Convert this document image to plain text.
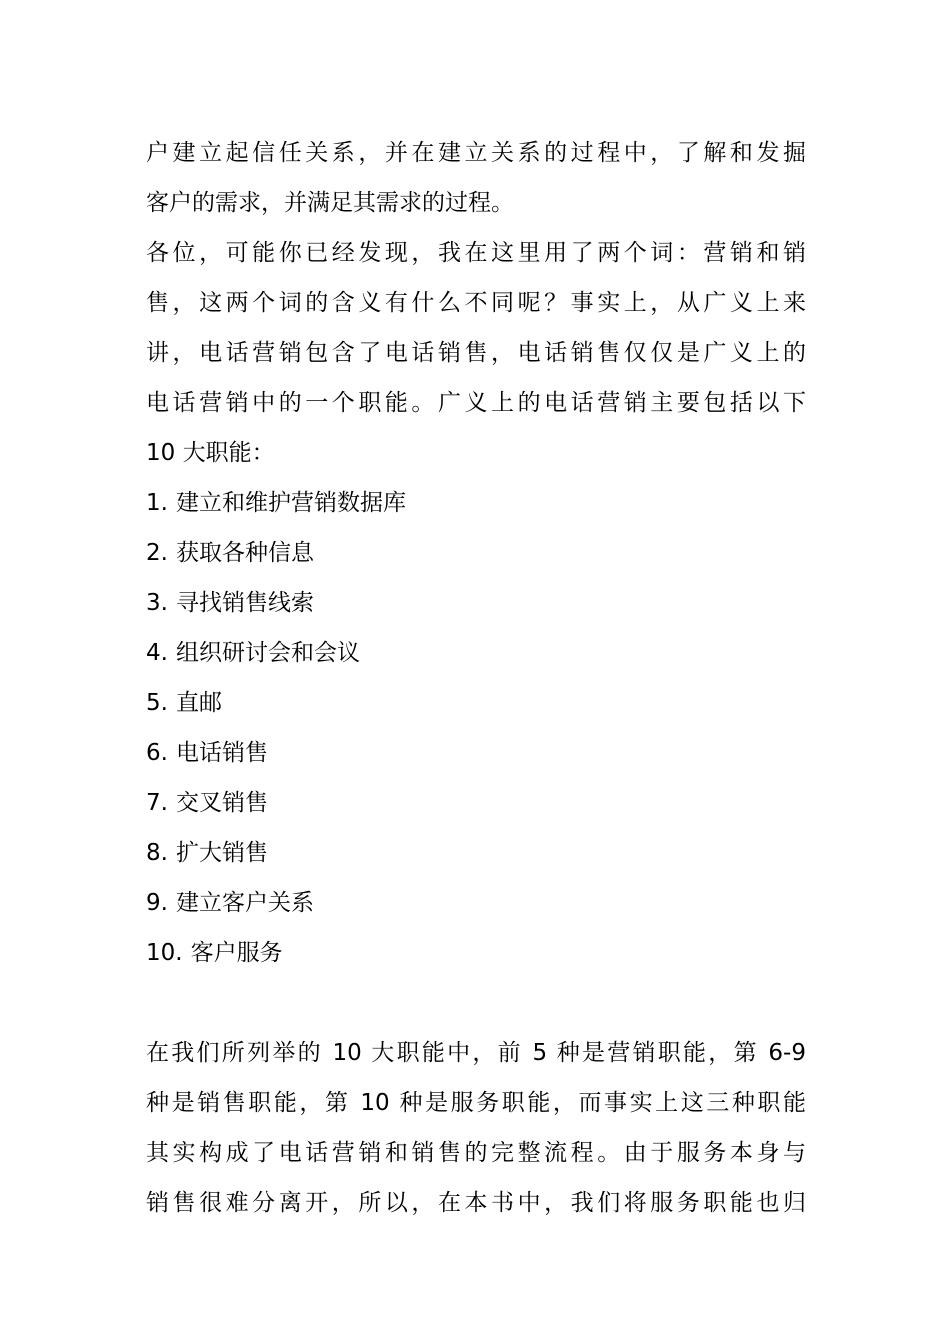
户建立起信任关系，并在建立关系的过程中，了解和发掘
客户的需求，并满足其需求的过程。
各位，可能你已经发现，我在这里用了两个词：营销和销
售，这两个词的含义有什么不同呢？事实上，从广义上来
讲，电话营销包含了电话销售，电话销售仅仅是广义上的
电话营销中的一个职能。广义上的电话营销主要包括以下
10 大职能：
1. 建立和维护营销数据库
2. 获取各种信息
3. 寻找销售线索
4. 组织研讨会和会议
5. 直邮
6. 电话销售
7. 交叉销售
8. 扩大销售
9. 建立客户关系
10. 客户服务
在我们所列举的 10 大职能中，前 5 种是营销职能，第 6-9
种是销售职能，第 10 种是服务职能，而事实上这三种职能
其实构成了电话营销和销售的完整流程。由于服务本身与
销售很难分离开，所以，在本书中，我们将服务职能也归
